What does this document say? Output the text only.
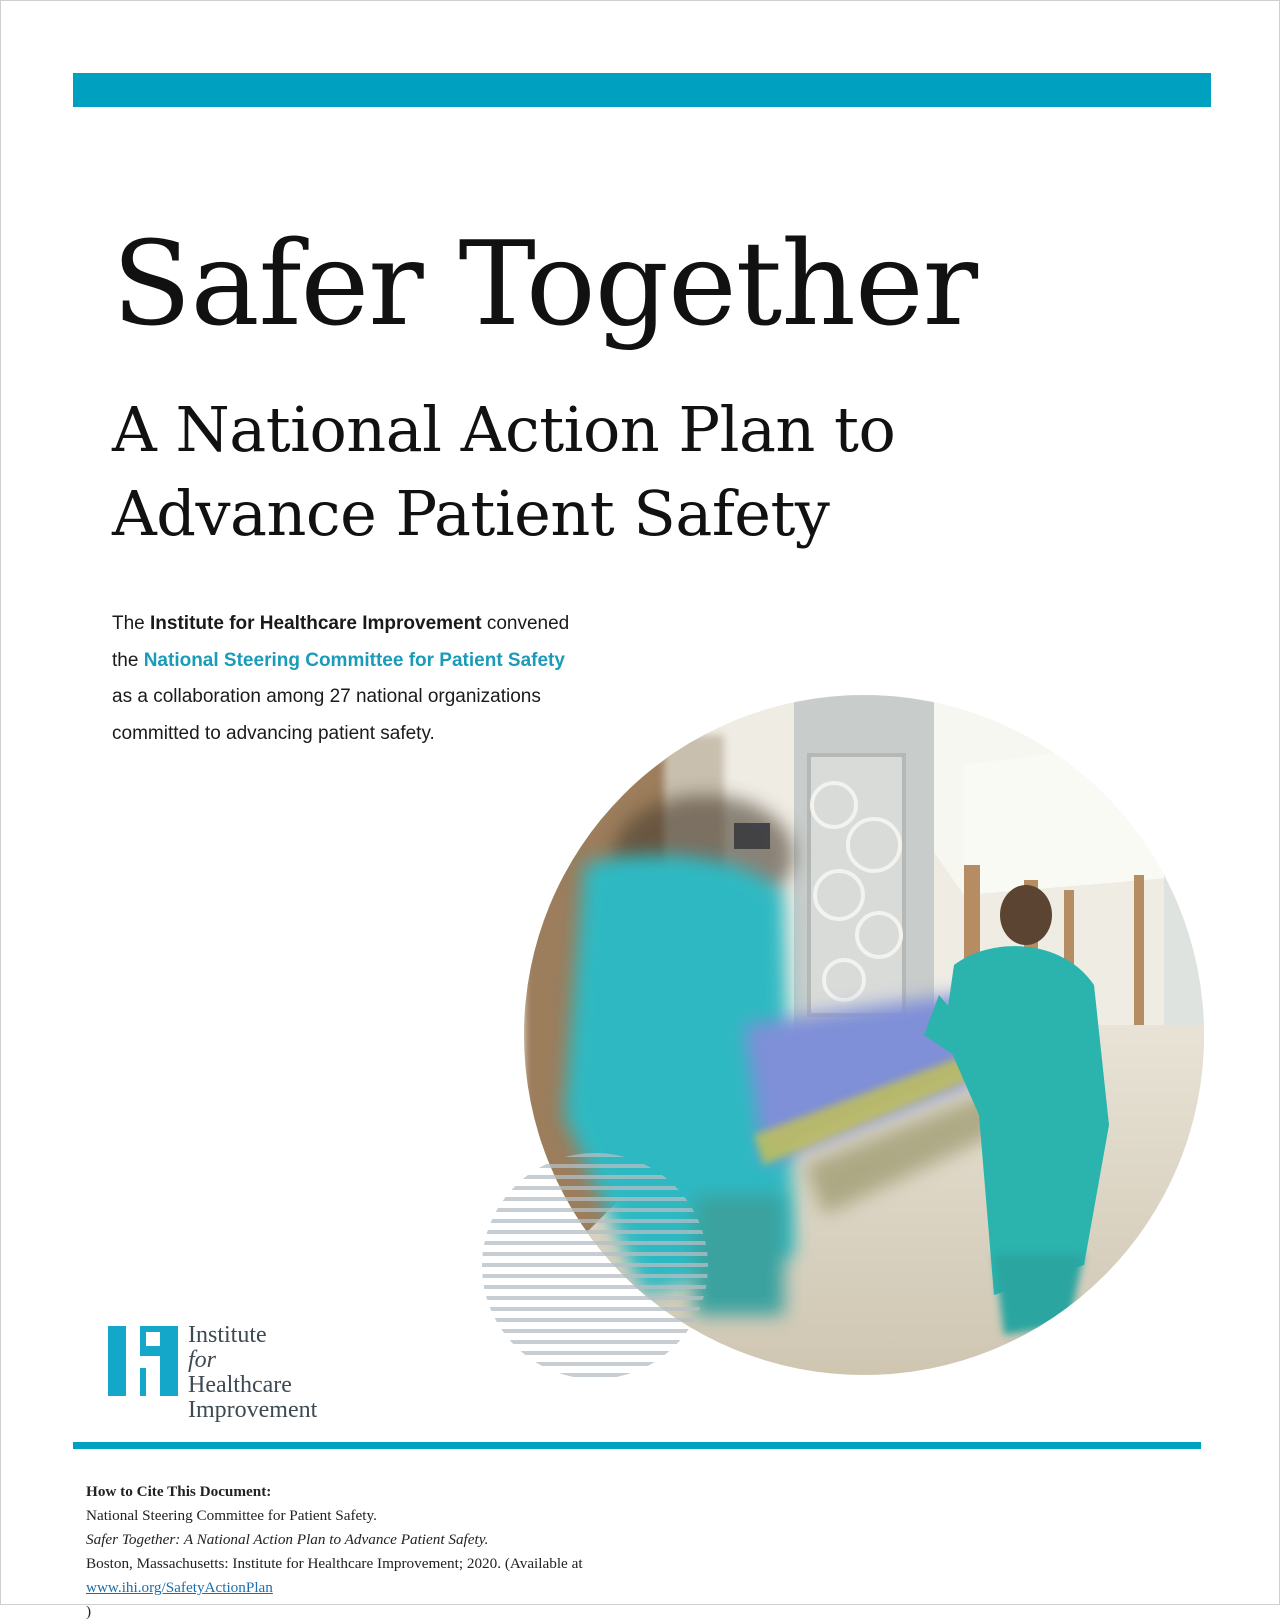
Safer Together
A National Action Plan to
Advance Patient Safety

The Institute for Healthcare Improvement convened
the National Steering Committee for Patient Safety
as a collaboration among 27 national organizations
committed to advancing patient safety.

Institute
for
Healthcare
Improvement

How to Cite This Document:
National Steering Committee for Patient Safety.
Safer Together: A National Action Plan to Advance Patient Safety.
Boston, Massachusetts: Institute for Healthcare Improvement; 2020. (Available at
www.ihi.org/SafetyActionPlan
)
